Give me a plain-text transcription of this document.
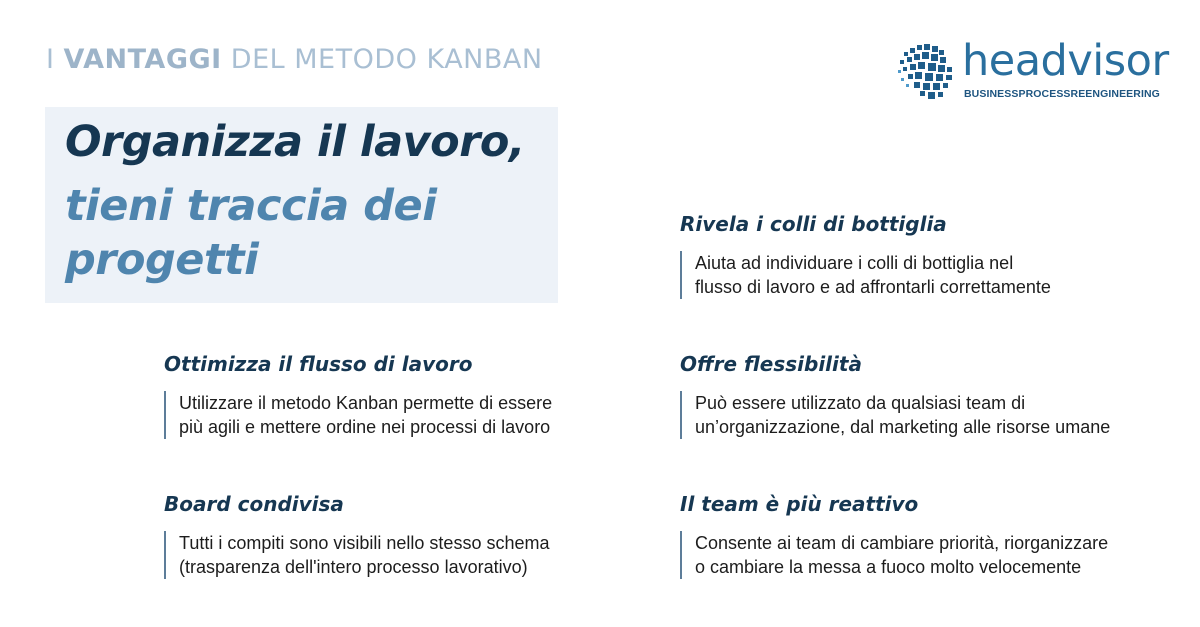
I VANTAGGI DEL METODO KANBAN
Organizza il lavoro,
tieni traccia dei progetti
headvisor
BUSINESSPROCESSREENGINEERING
Rivela i colli di bottiglia
Aiuta ad individuare i colli di bottiglia nel
flusso di lavoro e ad affrontarli correttamente
Ottimizza il flusso di lavoro
Utilizzare il metodo Kanban permette di essere
più agili e mettere ordine nei processi di lavoro
Offre flessibilità
Può essere utilizzato da qualsiasi team di
un’organizzazione, dal marketing alle risorse umane
Board condivisa
Tutti i compiti sono visibili nello stesso schema
(trasparenza dell'intero processo lavorativo)
Il team è più reattivo
Consente ai team di cambiare priorità, riorganizzare
o cambiare la messa a fuoco molto velocemente
